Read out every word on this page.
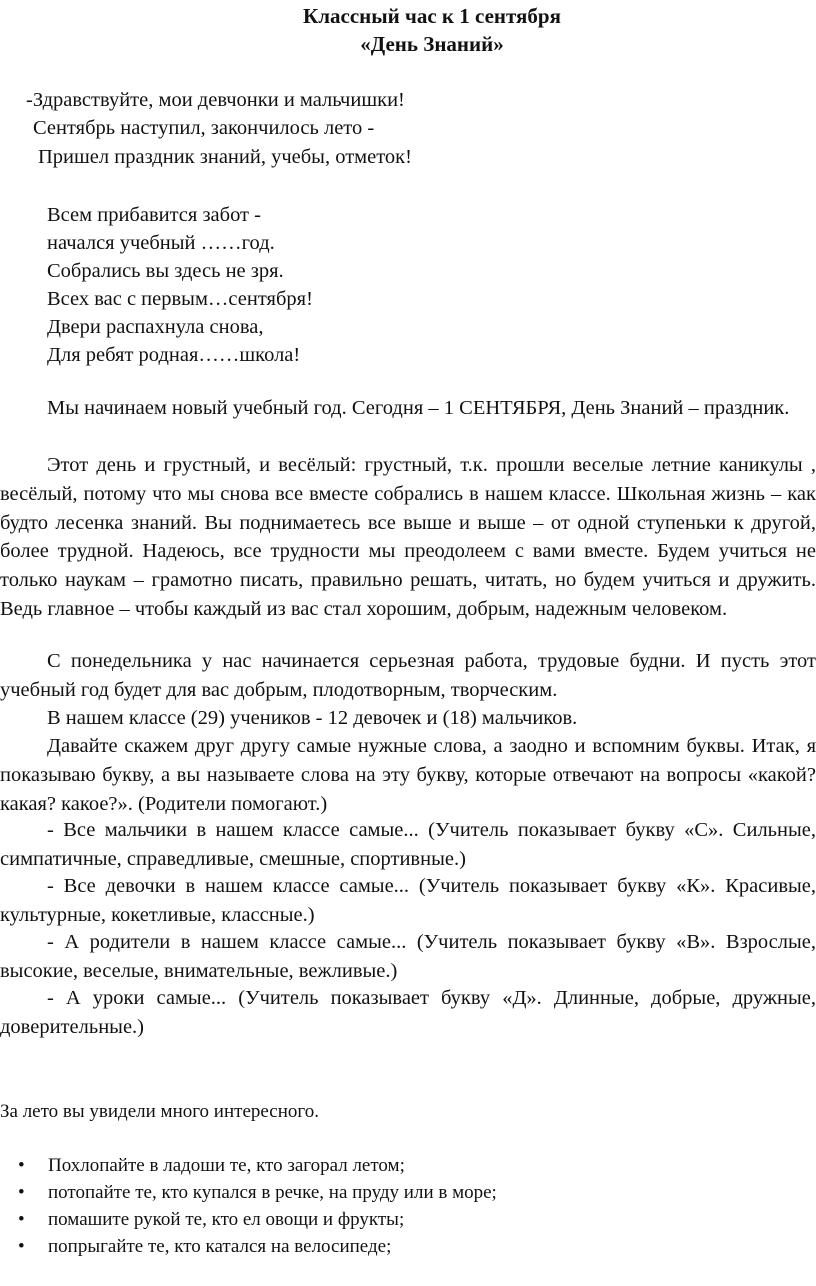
Классный час к 1 сентября
«День Знаний»
-Здравствуйте, мои девчонки и мальчишки!
Сентябрь наступил, закончилось лето -
Пришел праздник знаний, учебы, отметок!
Всем прибавится забот -
начался учебный ……год.
Собрались вы здесь не зря.
Всех вас с первым…сентября!
Двери распахнула снова,
Для ребят родная……школа!
Мы начинаем новый учебный год. Сегодня – 1 СЕНТЯБРЯ, День Знаний – праздник.
Этот день и грустный, и весёлый: грустный, т.к. прошли веселые летние каникулы , весёлый, потому что мы снова все вместе собрались в нашем классе. Школьная жизнь – как будто лесенка знаний. Вы поднимаетесь все выше и выше – от одной ступеньки к другой, более трудной. Надеюсь, все трудности мы преодолеем с вами вместе. Будем учиться не только наукам – грамотно писать, правильно решать, читать, но будем учиться и дружить. Ведь главное – чтобы каждый из вас стал хорошим, добрым, надежным человеком.
С понедельника у нас начинается серьезная работа, трудовые будни. И пусть этот учебный год будет для вас добрым, плодотворным, творческим.
В нашем классе (29) учеников - 12 девочек и (18) мальчиков.
Давайте скажем друг другу самые нужные слова, а заодно и вспомним буквы. Итак, я показываю букву, а вы называете слова на эту букву, которые отвечают на вопросы «какой? какая? какое?». (Родители помогают.)
- Все мальчики в нашем классе самые... (Учитель показывает букву «С». Сильные, симпатичные, справедливые, смешные, спортивные.)
- Все девочки в нашем классе самые... (Учитель показывает букву «К». Красивые, культурные, кокетливые, классные.)
- А родители в нашем классе самые... (Учитель показывает букву «В». Взрослые, высокие, веселые, внимательные, вежливые.)
- А уроки самые... (Учитель показывает букву «Д». Длинные, добрые, дружные, доверительные.)
За лето вы увидели много интересного.
•Похлопайте в ладоши те, кто загорал летом;
•потопайте те, кто купался в речке, на пруду или в море;
•помашите рукой те, кто ел овощи и фрукты;
•попрыгайте те, кто катался на велосипеде;
